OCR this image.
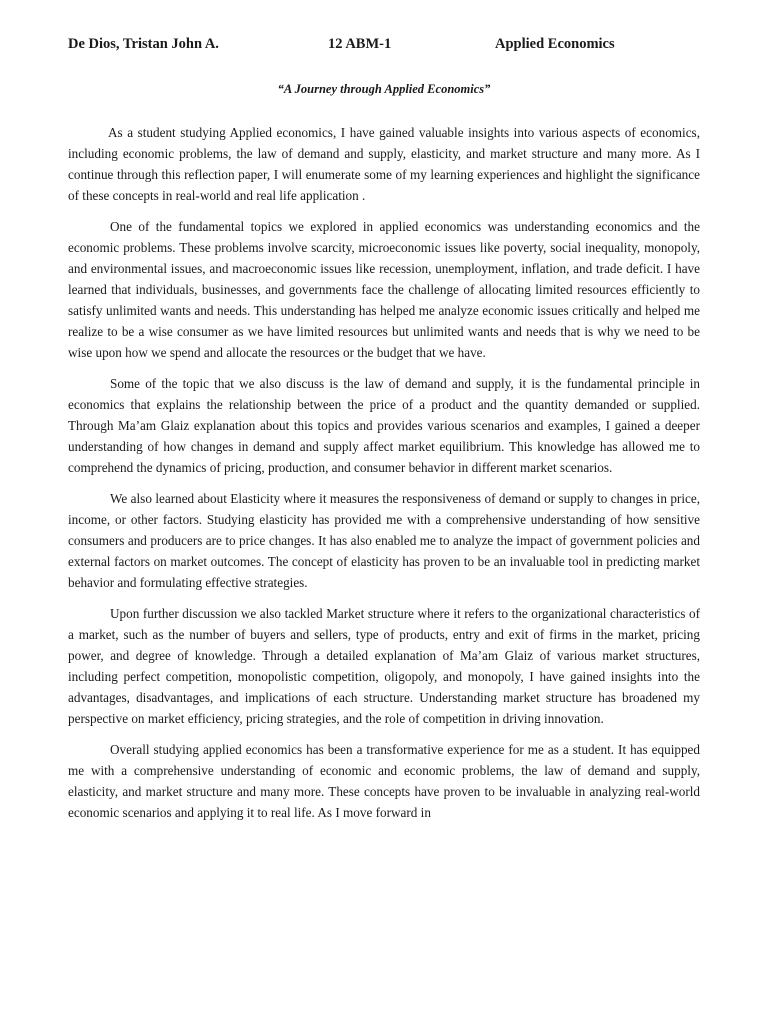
De Dios, Tristan John A.	12 ABM-1	Applied Economics
“A Journey through Applied Economics”

As a student studying Applied economics, I have gained valuable insights into various aspects of economics, including economic problems, the law of demand and supply, elasticity, and market structure and many more. As I continue through this reflection paper, I will enumerate some of my learning experiences and highlight the significance of these concepts in real-world and real life application .

One of the fundamental topics we explored in applied economics was understanding economics and the economic problems. These problems involve scarcity, microeconomic issues like poverty, social inequality, monopoly, and environmental issues, and macroeconomic issues like recession, unemployment, inflation, and trade deficit. I have learned that individuals, businesses, and governments face the challenge of allocating limited resources efficiently to satisfy unlimited wants and needs. This understanding has helped me analyze economic issues critically and helped me realize to be a wise consumer as we have limited resources but unlimited wants and needs that is why we need to be wise upon how we spend and allocate the resources or the budget that we have.

Some of the topic that we also discuss is the law of demand and supply, it is the fundamental principle in economics that explains the relationship between the price of a product and the quantity demanded or supplied. Through Ma’am Glaiz explanation about this topics and provides various scenarios and examples, I gained a deeper understanding of how changes in demand and supply affect market equilibrium. This knowledge has allowed me to comprehend the dynamics of pricing, production, and consumer behavior in different market scenarios.

We also learned about Elasticity where it measures the responsiveness of demand or supply to changes in price, income, or other factors. Studying elasticity has provided me with a comprehensive understanding of how sensitive consumers and producers are to price changes. It has also enabled me to analyze the impact of government policies and external factors on market outcomes. The concept of elasticity has proven to be an invaluable tool in predicting market behavior and formulating effective strategies.

Upon further discussion we also tackled Market structure where it refers to the organizational characteristics of a market, such as the number of buyers and sellers, type of products, entry and exit of firms in the market, pricing power, and degree of knowledge. Through a detailed explanation of Ma’am Glaiz of various market structures, including perfect competition, monopolistic competition, oligopoly, and monopoly, I have gained insights into the advantages, disadvantages, and implications of each structure. Understanding market structure has broadened my perspective on market efficiency, pricing strategies, and the role of competition in driving innovation.

Overall studying applied economics has been a transformative experience for me as a student. It has equipped me with a comprehensive understanding of economic and economic problems, the law of demand and supply, elasticity, and market structure and many more. These concepts have proven to be invaluable in analyzing real-world economic scenarios and applying it to real life. As I move forward in
